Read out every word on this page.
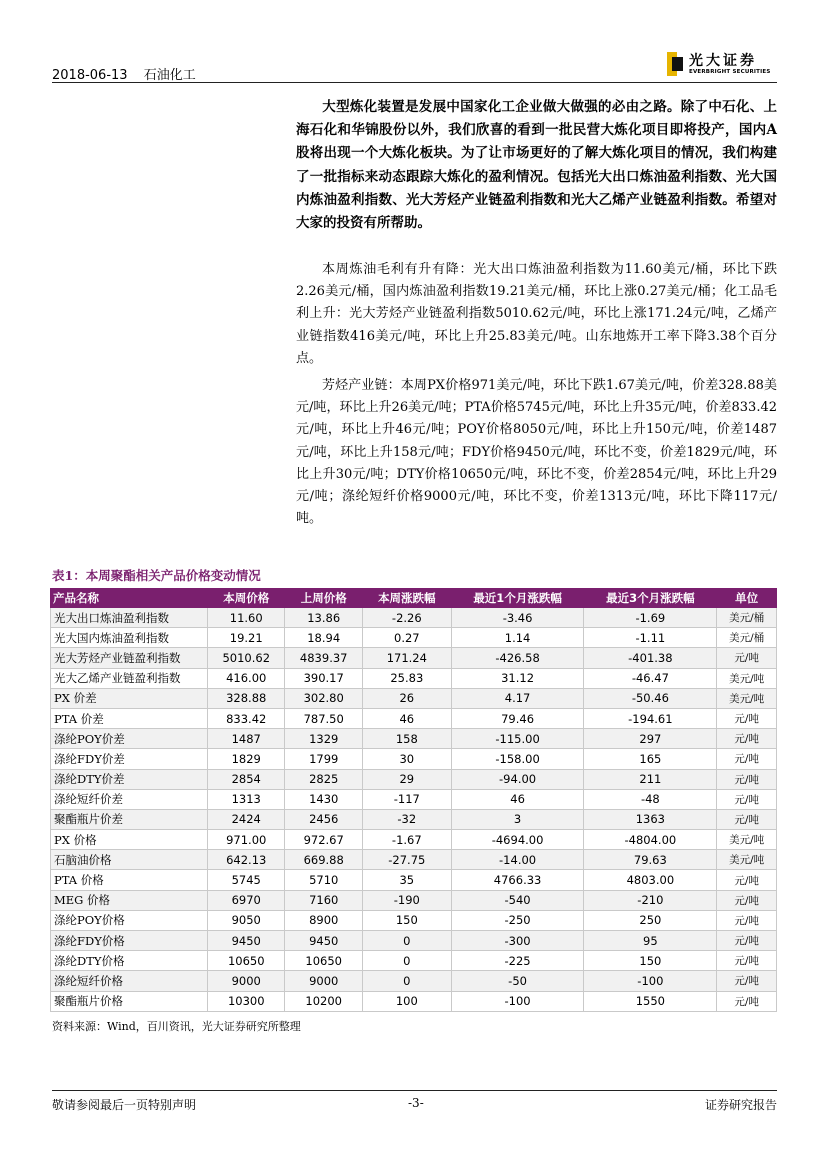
2018-06-13 石油化工
光大证券
EVERBRIGHT SECURITIES
大型炼化装置是发展中国家化工企业做大做强的必由之路。除了中石化、上海石化和华锦股份以外，我们欣喜的看到一批民营大炼化项目即将投产，国内A股将出现一个大炼化板块。为了让市场更好的了解大炼化项目的情况，我们构建了一批指标来动态跟踪大炼化的盈利情况。包括光大出口炼油盈利指数、光大国内炼油盈利指数、光大芳烃产业链盈利指数和光大乙烯产业链盈利指数。希望对大家的投资有所帮助。

本周炼油毛利有升有降：光大出口炼油盈利指数为11.60美元/桶，环比下跌2.26美元/桶，国内炼油盈利指数19.21美元/桶，环比上涨0.27美元/桶；化工品毛利上升：光大芳烃产业链盈利指数5010.62元/吨，环比上涨171.24元/吨，乙烯产业链指数416美元/吨，环比上升25.83美元/吨。山东地炼开工率下降3.38个百分点。

芳烃产业链：本周PX价格971美元/吨，环比下跌1.67美元/吨，价差328.88美元/吨，环比上升26美元/吨；PTA价格5745元/吨，环比上升35元/吨，价差833.42元/吨，环比上升46元/吨；POY价格8050元/吨，环比上升150元/吨，价差1487元/吨，环比上升158元/吨；FDY价格9450元/吨，环比不变，价差1829元/吨，环比上升30元/吨；DTY价格10650元/吨，环比不变，价差2854元/吨，环比上升29元/吨；涤纶短纤价格9000元/吨，环比不变，价差1313元/吨，环比下降117元/吨。

表1：本周聚酯相关产品价格变动情况
产品名称	本周价格	上周价格	本周涨跌幅	最近1个月涨跌幅	最近3个月涨跌幅	单位
光大出口炼油盈利指数	11.60	13.86	-2.26	-3.46	-1.69	美元/桶
光大国内炼油盈利指数	19.21	18.94	0.27	1.14	-1.11	美元/桶
光大芳烃产业链盈利指数	5010.62	4839.37	171.24	-426.58	-401.38	元/吨
光大乙烯产业链盈利指数	416.00	390.17	25.83	31.12	-46.47	美元/吨
PX 价差	328.88	302.80	26	4.17	-50.46	美元/吨
PTA 价差	833.42	787.50	46	79.46	-194.61	元/吨
涤纶POY价差	1487	1329	158	-115.00	297	元/吨
涤纶FDY价差	1829	1799	30	-158.00	165	元/吨
涤纶DTY价差	2854	2825	29	-94.00	211	元/吨
涤纶短纤价差	1313	1430	-117	46	-48	元/吨
聚酯瓶片价差	2424	2456	-32	3	1363	元/吨
PX 价格	971.00	972.67	-1.67	-4694.00	-4804.00	美元/吨
石脑油价格	642.13	669.88	-27.75	-14.00	79.63	美元/吨
PTA 价格	5745	5710	35	4766.33	4803.00	元/吨
MEG 价格	6970	7160	-190	-540	-210	元/吨
涤纶POY价格	9050	8900	150	-250	250	元/吨
涤纶FDY价格	9450	9450	0	-300	95	元/吨
涤纶DTY价格	10650	10650	0	-225	150	元/吨
涤纶短纤价格	9000	9000	0	-50	-100	元/吨
聚酯瓶片价格	10300	10200	100	-100	1550	元/吨
资料来源：Wind，百川资讯，光大证券研究所整理
敬请参阅最后一页特别声明	-3-	证券研究报告
